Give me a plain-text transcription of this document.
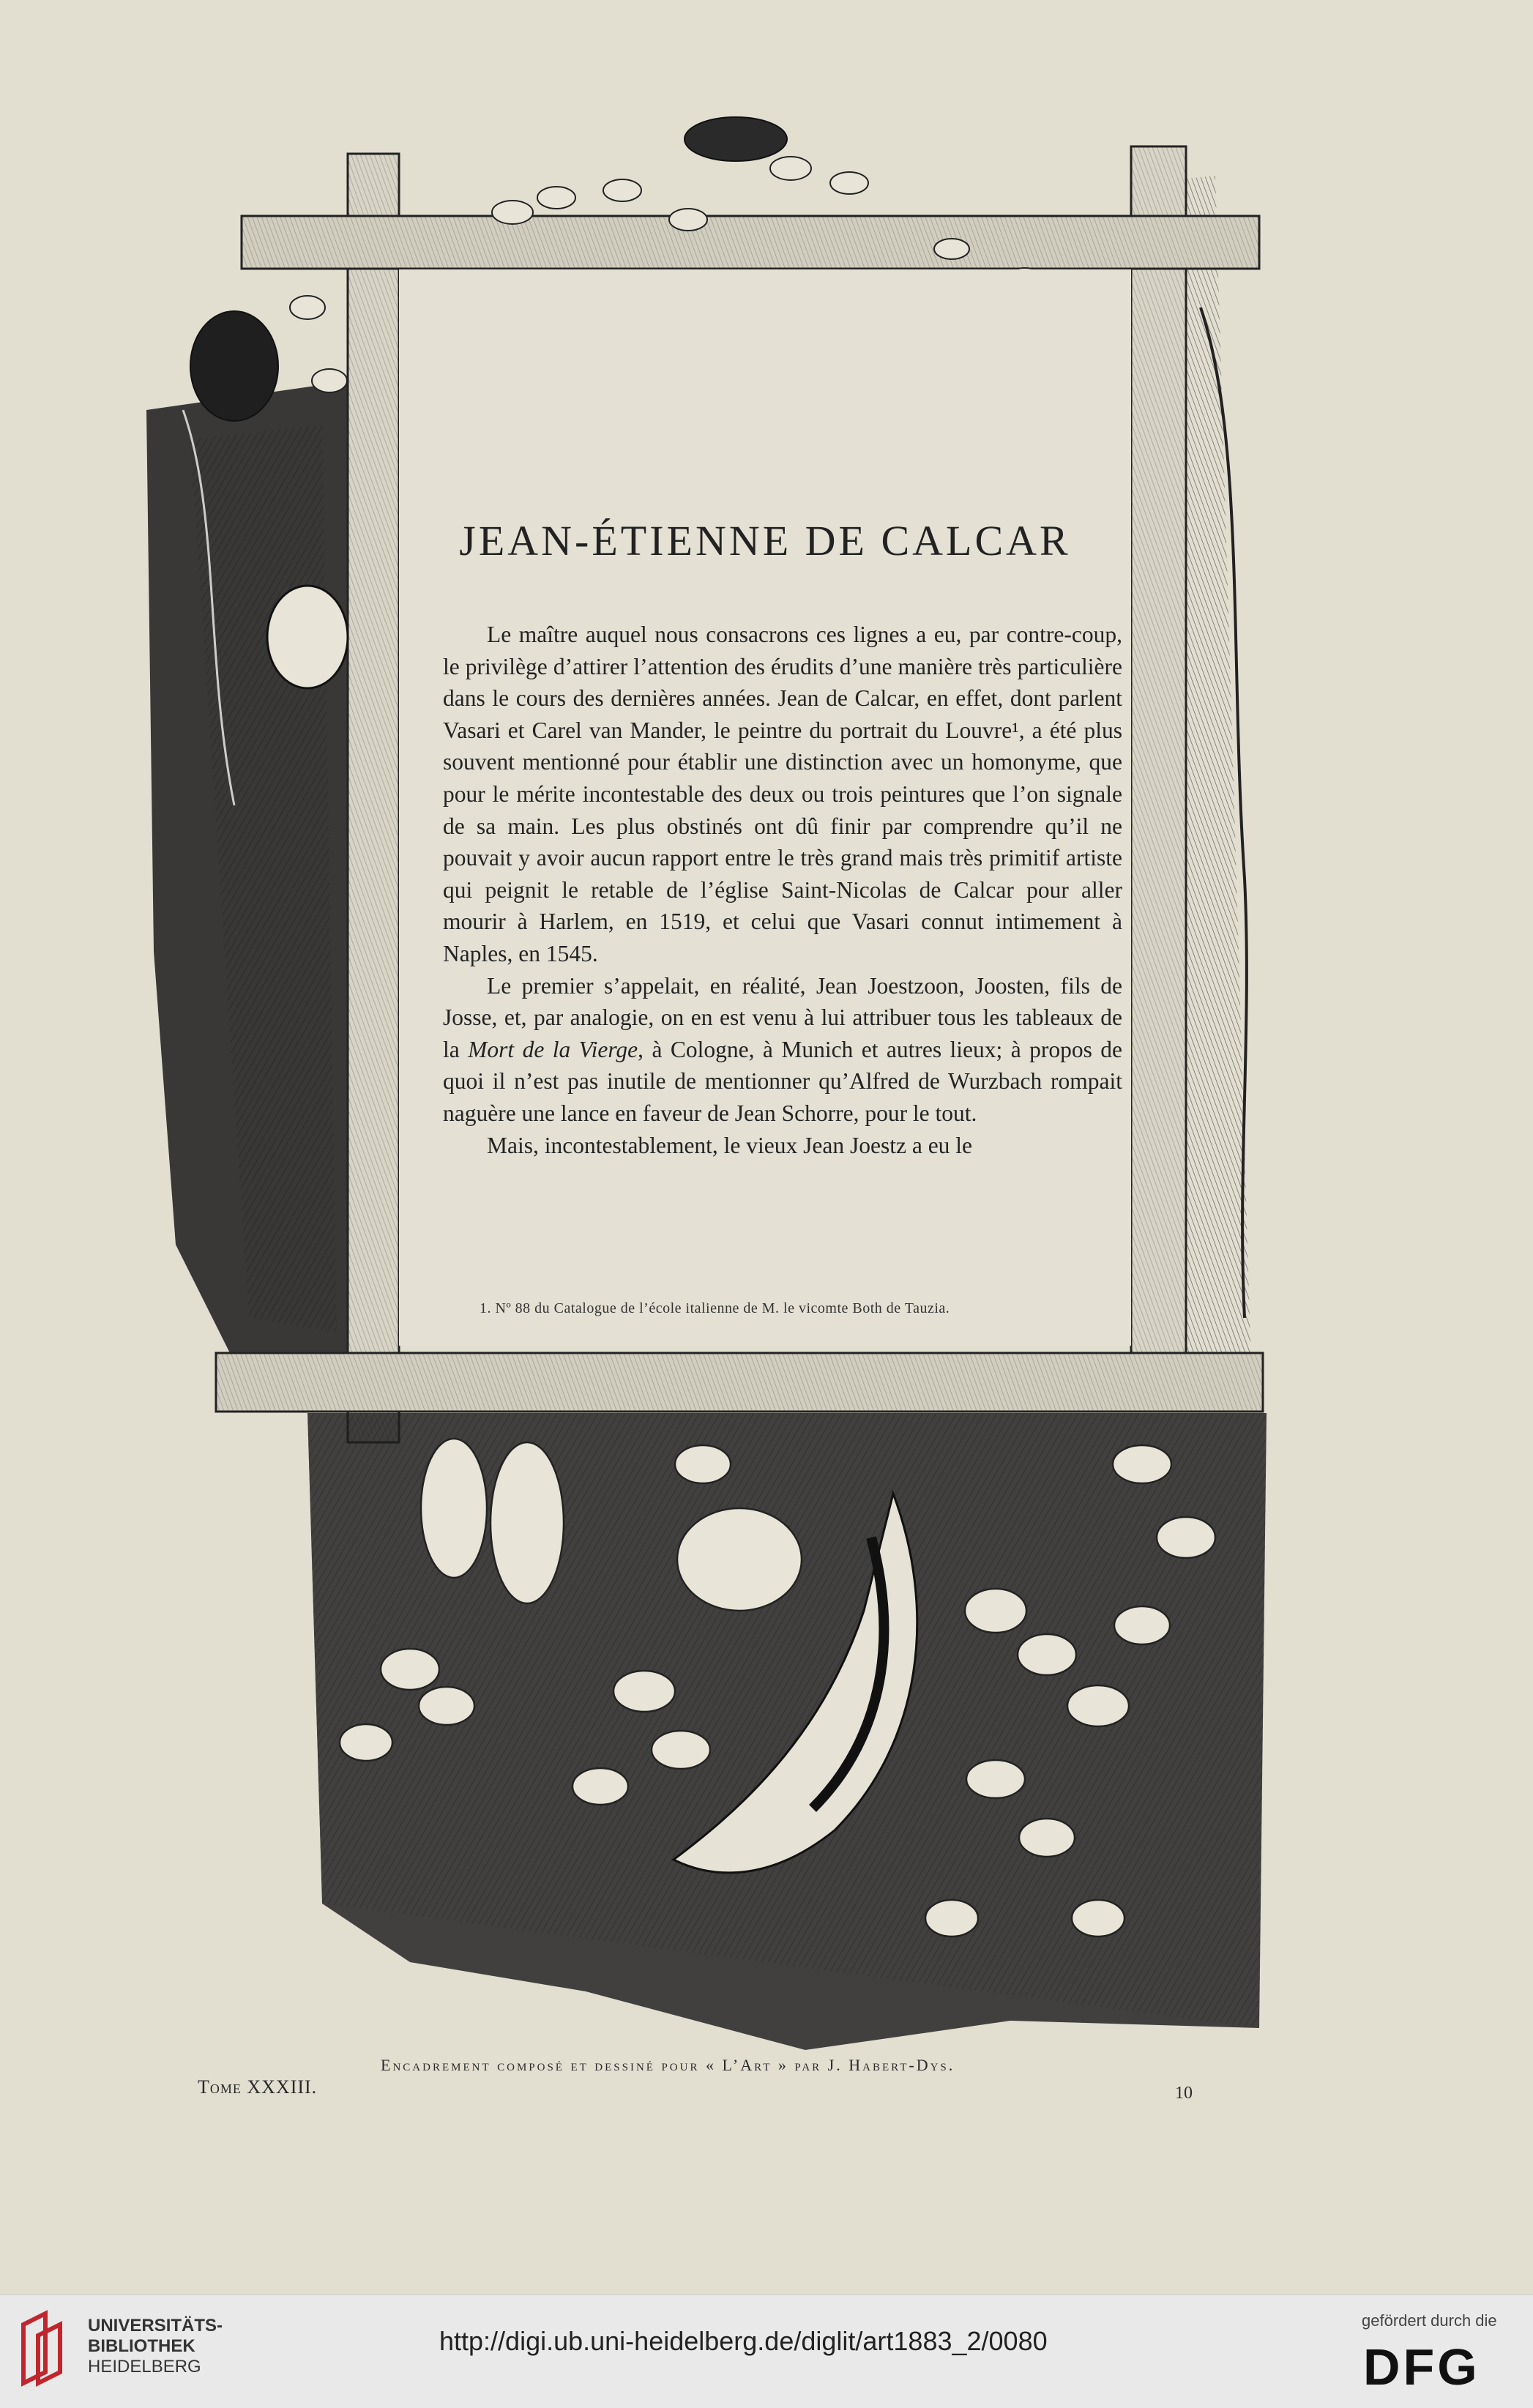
JEAN-ÉTIENNE DE CALCAR

Le maître auquel nous consacrons ces lignes a eu, par contre-coup, le privilège d’attirer l’attention des érudits d’une manière très particulière dans le cours des dernières années. Jean de Calcar, en effet, dont parlent Vasari et Carel van Mander, le peintre du portrait du Louvre¹, a été plus souvent mentionné pour établir une distinction avec un homonyme, que pour le mérite incontestable des deux ou trois peintures que l’on signale de sa main. Les plus obstinés ont dû finir par comprendre qu’il ne pouvait y avoir aucun rapport entre le très grand mais très primitif artiste qui peignit le retable de l’église Saint-Nicolas de Calcar pour aller mourir à Harlem, en 1519, et celui que Vasari connut intimement à Naples, en 1545.

Le premier s’appelait, en réalité, Jean Joestzoon, Joosten, fils de Josse, et, par analogie, on en est venu à lui attribuer tous les tableaux de la Mort de la Vierge, à Cologne, à Munich et autres lieux; à propos de quoi il n’est pas inutile de mentionner qu’Alfred de Wurzbach rompait naguère une lance en faveur de Jean Schorre, pour le tout.

Mais, incontestablement, le vieux Jean Joestz a eu le

1. Nº 88 du Catalogue de l’école italienne de M. le vicomte Both de Tauzia.
Encadrement composé et dessiné pour « L’Art » par J. Habert-Dys.
Tome XXXIII.	10
UNIVERSITÄTS-
BIBLIOTHEK
HEIDELBERG
http://digi.ub.uni-heidelberg.de/diglit/art1883_2/0080
gefördert durch die
DFG
